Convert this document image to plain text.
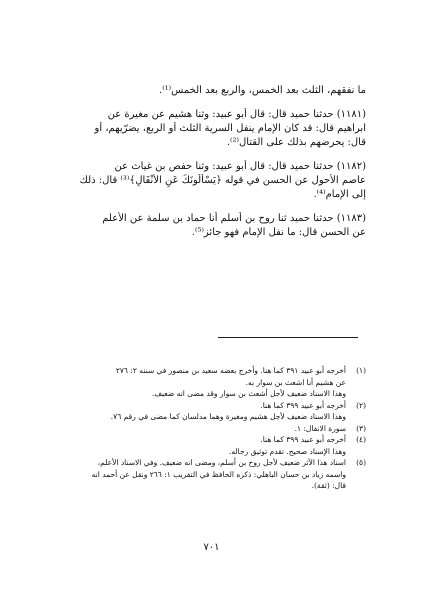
ما نفقهم، الثلث بعد الخمس، والربع بعد الخمس⁽¹⁾.
(١١٨١) حدثنا حميد قال: قال أبو عبيد: وثنا هشيم عن مغيرة عن
ابراهيم قال: قد كان الإمام ينفل السرية الثلث أو الربع، يضرّيهم، أو
قال: يحرضهم بذلك على القتال⁽²⁾.
(١١٨٢) حدثنا حميد قال: قال أبو عبيد: وثنا حفص بن غياث عن
عاصم الأحول عن الحسن في قوله ﴿يَسْأَلُونَكَ عَنِ الأَنْفَالِ﴾⁽³⁾ قال: ذلك
إلى الإمام⁽⁴⁾.
(١١٨٣) حدثنا حميد ثنا روح بن أسلم أنا حماد بن سلمة عن الأعلم
عن الحسن قال: ما نفل الإمام فهو جائز⁽⁵⁾.
(١)
أخرجه أبو عبيد ٣٩١ كما هنا. وأخرج بعضه سعيد بن منصور في سننه ٢: ٢٧٦
عن هشيم أنا اشعث بن سوار به.
وهذا الاسناد ضعيف لأجل أشعث بن سوار وقد مضى انه ضعيف.
(٢)
أخرجه أبو عبيد ٣٩٩ كما هنا.
وهذا الاسناد ضعيف لأجل هشيم ومغيرة وهما مدلسان كما مضى في رقم ٧٦.
(٣)
سورة الانفال: ١.
(٤)
أخرجه أبو عبيد ٣٩٩ كما هنا.
وهذا الإسناد صحيح. تقدم توثيق رجاله.
(٥)
اسناد هذا الأثر ضعيف لأجل روح بن أسلم، ومضى انه ضعيف. وفي الاسناد الأعلم،
واسمه زياد بن حسان الباهلي: ذكره الحافظ في التقريب ١: ٢٦٦ ونقل عن أحمد انه
قال: (ثقة).
٧٠١
